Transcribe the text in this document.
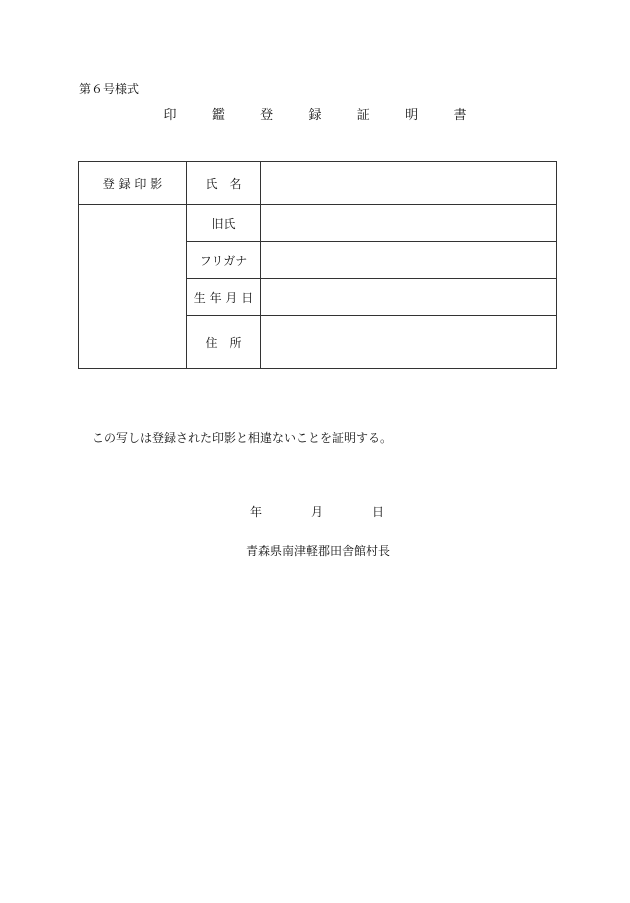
第６号様式
印	鑑	登	録	証	明	書
登 録 印 影	氏　名	
	旧氏	
	フリガナ	
	生 年 月 日	
	住　所	
この写しは登録された印影と相違ないことを証明する。
年	月	日
青森県南津軽郡田舎館村長
